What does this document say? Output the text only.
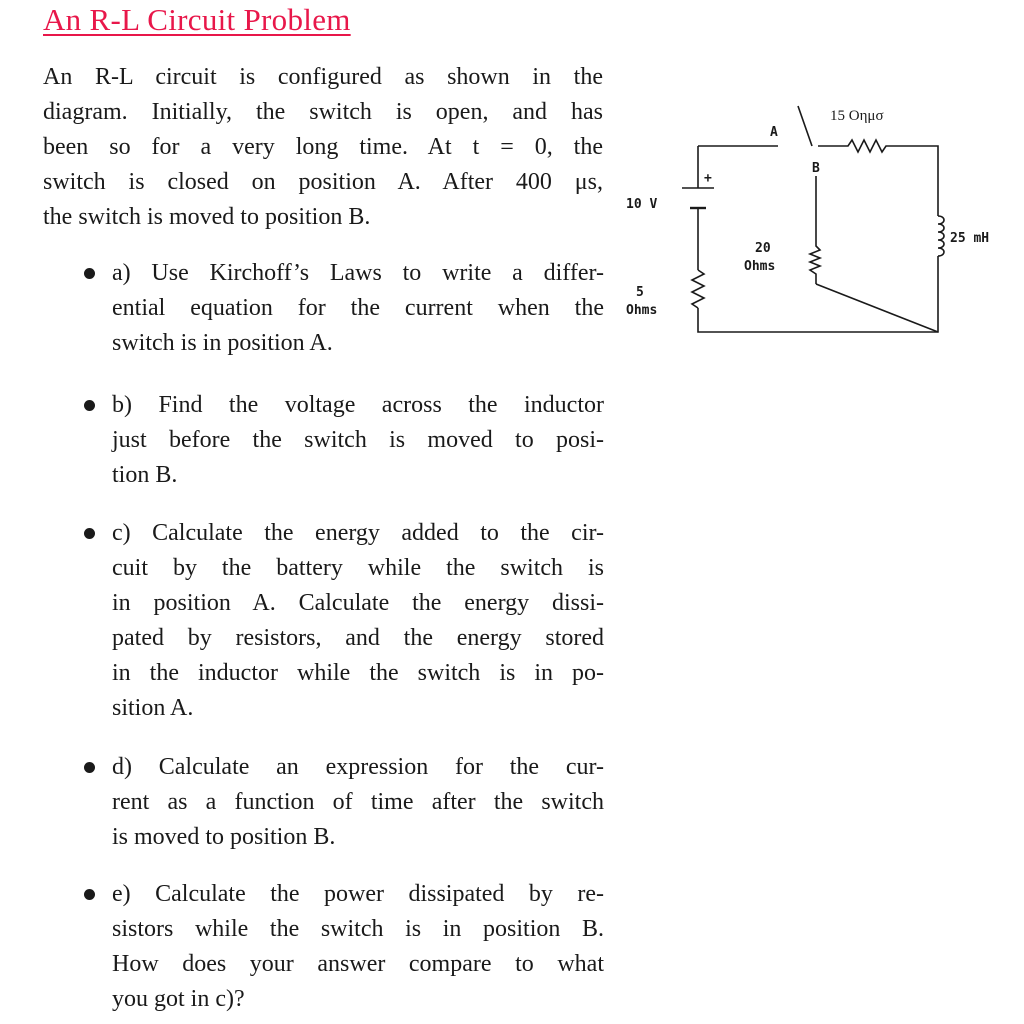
An R-L Circuit Problem
An R-L circuit is configured as shown in the
diagram. Initially, the switch is open, and has
been so for a very long time. At t = 0, the
switch is closed on position A. After 400 μs,
the switch is moved to position B.
a) Use Kirchoff’s Laws to write a differ-
ential equation for the current when the
switch is in position A.
b) Find the voltage across the inductor
just before the switch is moved to posi-
tion B.
c) Calculate the energy added to the cir-
cuit by the battery while the switch is
in position A. Calculate the energy dissi-
pated by resistors, and the energy stored
in the inductor while the switch is in po-
sition A.
d) Calculate an expression for the cur-
rent as a function of time after the switch
is moved to position B.
e) Calculate the power dissipated by re-
sistors while the switch is in position B.
How does your answer compare to what
you got in c)?
A
B
+
10 V
15 Οημσ
20
Ohms
5
Ohms
25 mH
